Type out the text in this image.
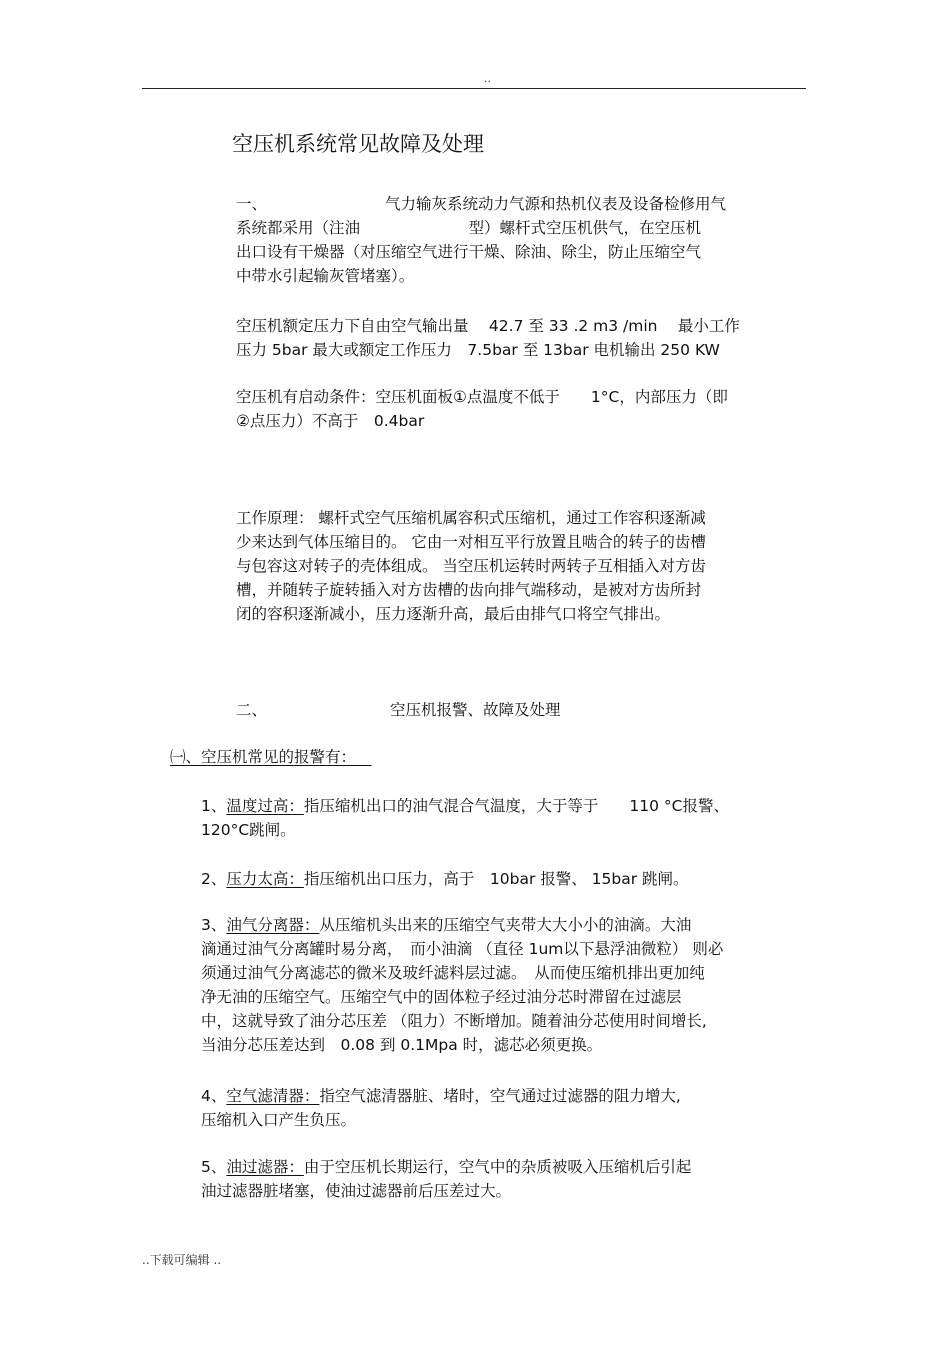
..
空压机系统常见故障及处理
一、	气力输灰系统动力气源和热机仪表及设备检修用气
系统都采用（注油　　　　　　　型）螺杆式空压机供气，在空压机
出口设有干燥器（对压缩空气进行干燥、除油、除尘，防止压缩空气
中带水引起输灰管堵塞）。
空压机额定压力下自由空气输出量　 42.7 至 33 .2 m3 /min　 最小工作
压力 5bar 最大或额定工作压力　7.5bar 至 13bar 电机输出 250 KW
空压机有启动条件：空压机面板①点温度不低于　　1°C，内部压力（即
②点压力）不高于　0.4bar
工作原理： 螺杆式空气压缩机属容积式压缩机，通过工作容积逐渐减
少来达到气体压缩目的。 它由一对相互平行放置且啮合的转子的齿槽
与包容这对转子的壳体组成。 当空压机运转时两转子互相插入对方齿
槽，并随转子旋转插入对方齿槽的齿向排气端移动，是被对方齿所封
闭的容积逐渐减小，压力逐渐升高，最后由排气口将空气排出。
二、	空压机报警、故障及处理
㈠、空压机常见的报警有： 
1、温度过高：指压缩机出口的油气混合气温度，大于等于　　110 °C报警、
120°C跳闸。
2、压力太高：指压缩机出口压力，高于　10bar 报警、 15bar 跳闸。
3、油气分离器：从压缩机头出来的压缩空气夹带大大小小的油滴。大油
滴通过油气分离罐时易分离，　而小油滴 （直径 1um以下悬浮油微粒） 则必
须通过油气分离滤芯的微米及玻纤滤料层过滤。　从而使压缩机排出更加纯
净无油的压缩空气。压缩空气中的固体粒子经过油分芯时滞留在过滤层
中，这就导致了油分芯压差 （阻力）不断增加。随着油分芯使用时间增长,
当油分芯压差达到　0.08 到 0.1Mpa 时，滤芯必须更换。
4、空气滤清器：指空气滤清器脏、堵时，空气通过过滤器的阻力增大,
压缩机入口产生负压。
5、油过滤器：由于空压机长期运行，空气中的杂质被吸入压缩机后引起
油过滤器脏堵塞，使油过滤器前后压差过大。
..下载可编辑 ..
